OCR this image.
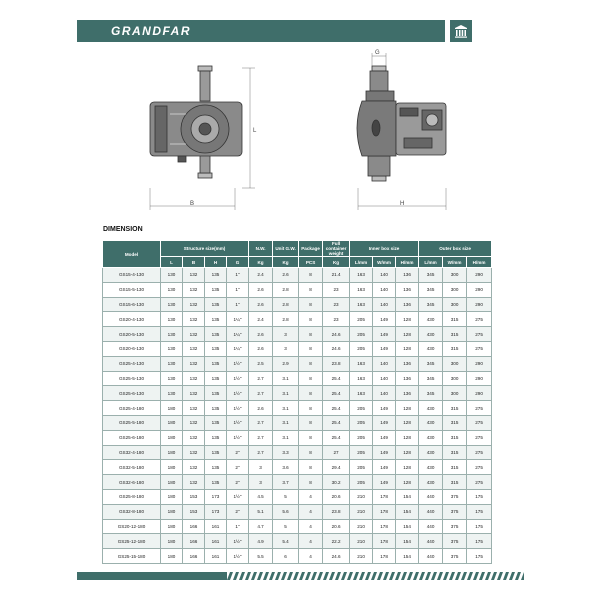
GRANDFAR
B
L
G
H
DIMENSION
Model	Structure size(mm)				N.W.	Unit G.W.	Package	Full container weight	Inner box size			Outer box size		
	L	B	H	G	Kg	Kg	PCS	Kg	L/mm	W/mm	H/mm	L/mm	W/mm	H/mm
GS15-4-130	130	132	135	1"	2.4	2.6	8	21.4	163	140	136	345	300	290
GS15-5-130	130	132	135	1"	2.6	2.8	8	23	163	140	136	345	300	290
GS15-6-130	130	132	135	1"	2.6	2.8	8	23	163	140	136	345	300	290
GS20-4-130	130	132	135	1¼"	2.4	2.8	8	23	205	149	128	430	315	275
GS20-5-130	130	132	135	1¼"	2.6	3	8	24.6	205	149	128	430	315	275
GS20-6-130	130	132	135	1¼"	2.6	3	8	24.6	205	149	128	430	315	275
GS25-4-130	130	132	135	1½"	2.5	2.9	8	23.8	163	140	136	345	300	290
GS25-5-130	130	132	135	1½"	2.7	3.1	8	25.4	163	140	136	345	300	290
GS25-6-130	130	132	135	1½"	2.7	3.1	8	25.4	163	140	136	345	300	290
GS25-4-180	180	132	135	1½"	2.6	3.1	8	25.4	205	149	128	430	315	275
GS25-5-180	180	132	135	1½"	2.7	3.1	8	25.4	205	149	128	430	315	275
GS25-6-180	180	132	135	1½"	2.7	3.1	8	25.4	205	149	128	430	315	275
GS32-4-180	180	132	135	2"	2.7	3.3	8	27	205	149	128	430	315	275
GS32-5-180	180	132	135	2"	3	3.6	8	29.4	205	149	128	430	315	275
GS32-6-180	180	132	135	2"	3	3.7	8	30.2	205	149	128	430	315	275
GS25-8-180	180	153	173	1½"	4.5	5	4	20.6	210	178	154	440	375	175
GS32-8-180	180	153	173	2"	5.1	5.6	4	23.8	210	178	154	440	375	175
GS20-12-180	180	166	161	1"	4.7	5	4	20.6	210	178	154	440	375	175
GS25-12-180	180	166	161	1½"	4.9	5.4	4	22.2	210	178	154	440	375	175
GS25-15-180	180	166	161	1½"	5.5	6	4	24.6	210	178	154	440	375	175
